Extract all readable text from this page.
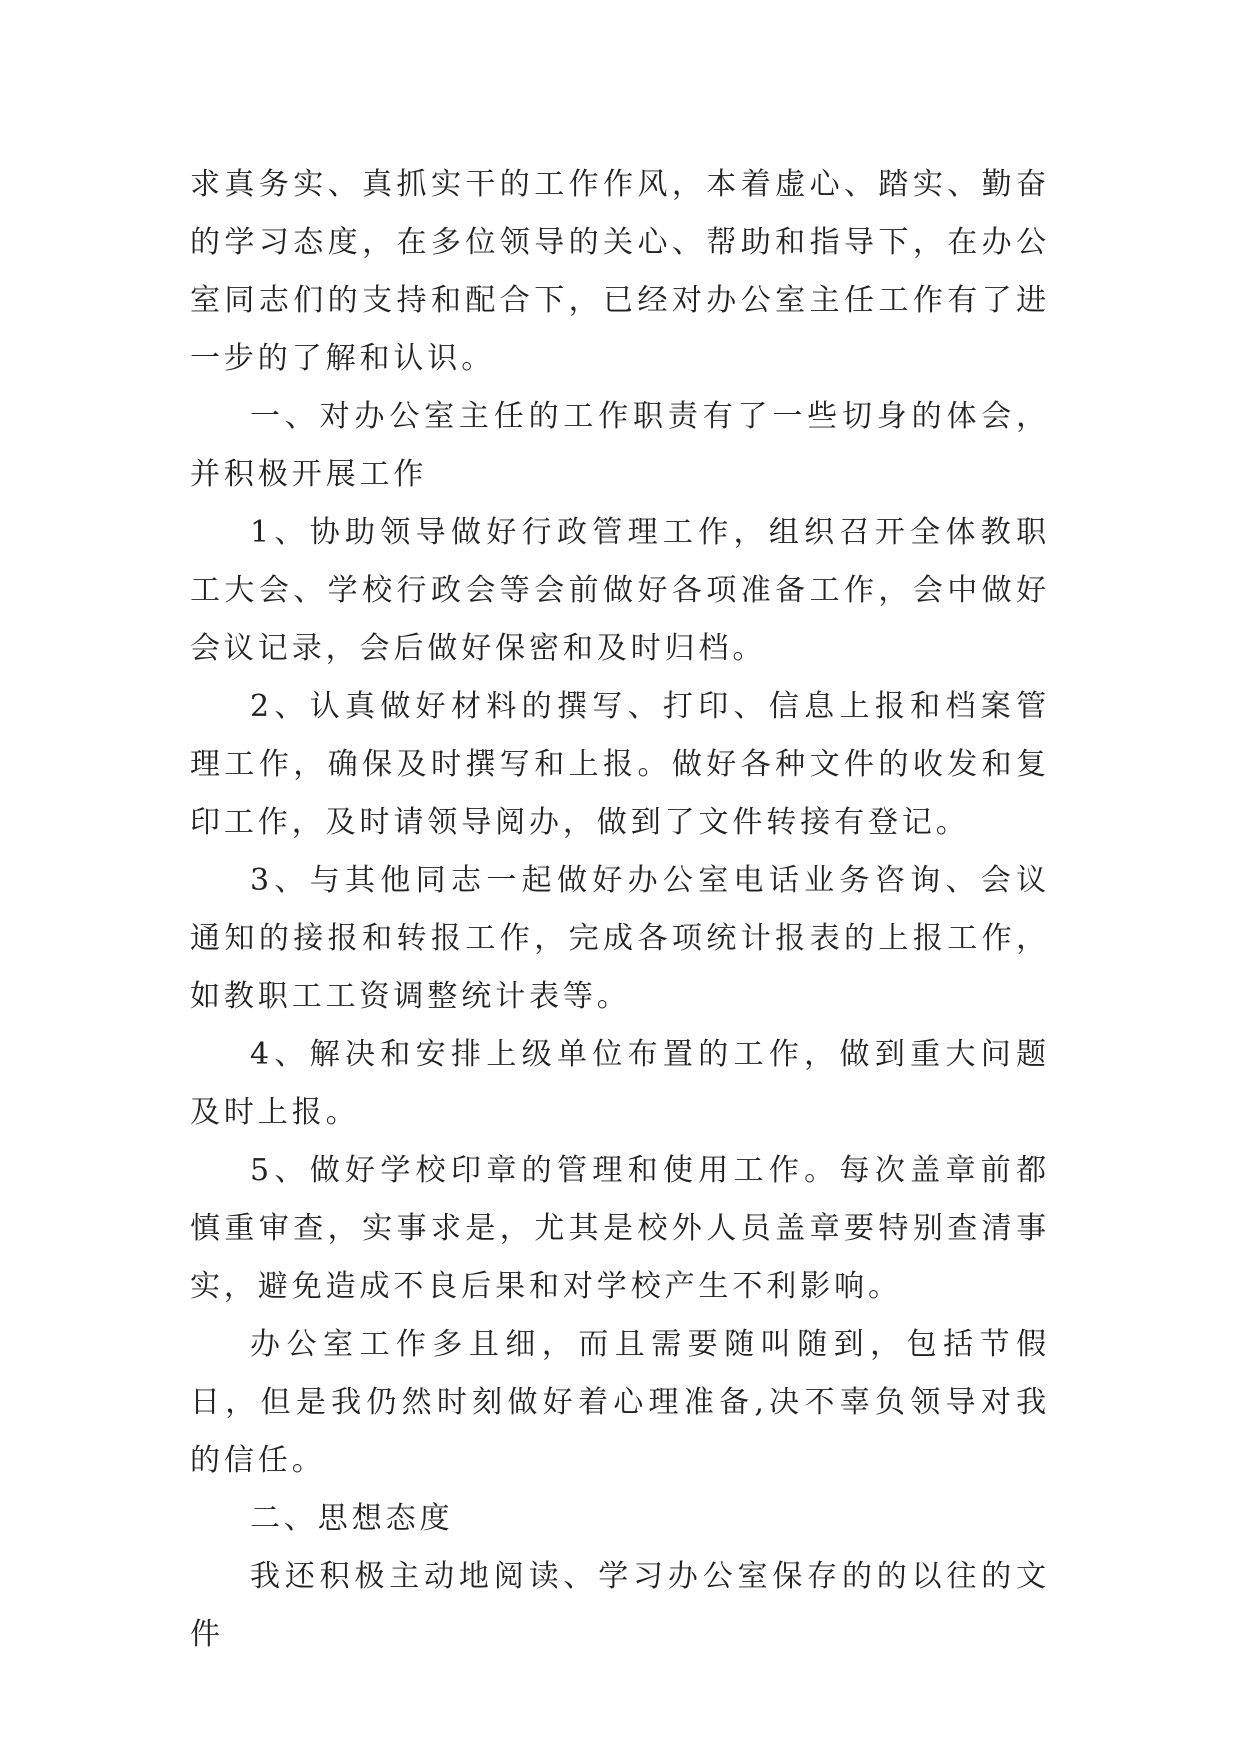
求真务实、真抓实干的工作作风，本着虚心、踏实、勤奋的学习态度，在多位领导的关心、帮助和指导下，在办公室同志们的支持和配合下，已经对办公室主任工作有了进一步的了解和认识。

一、对办公室主任的工作职责有了一些切身的体会，并积极开展工作

1、协助领导做好行政管理工作，组织召开全体教职工大会、学校行政会等会前做好各项准备工作，会中做好会议记录，会后做好保密和及时归档。

2、认真做好材料的撰写、打印、信息上报和档案管理工作，确保及时撰写和上报。做好各种文件的收发和复印工作，及时请领导阅办，做到了文件转接有登记。

3、与其他同志一起做好办公室电话业务咨询、会议通知的接报和转报工作，完成各项统计报表的上报工作，如教职工工资调整统计表等。

4、解决和安排上级单位布置的工作，做到重大问题及时上报。

5、做好学校印章的管理和使用工作。每次盖章前都慎重审查，实事求是，尤其是校外人员盖章要特别查清事实，避免造成不良后果和对学校产生不利影响。

办公室工作多且细，而且需要随叫随到，包括节假日，但是我仍然时刻做好着心理准备,决不辜负领导对我的信任。

二、思想态度

我还积极主动地阅读、学习办公室保存的的以往的文件
